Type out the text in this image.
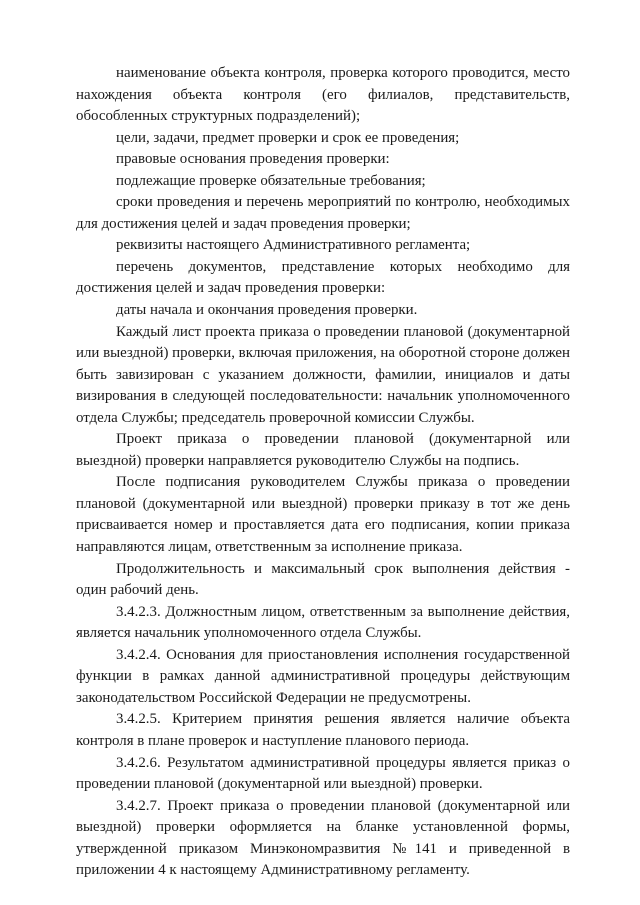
наименование объекта контроля, проверка которого проводится, место нахождения объекта контроля (его филиалов, представительств, обособленных структурных подразделений);

цели, задачи, предмет проверки и срок ее проведения;

правовые основания проведения проверки:

подлежащие проверке обязательные требования;

сроки проведения и перечень мероприятий по контролю, необходимых для достижения целей и задач проведения проверки;

реквизиты настоящего Административного регламента;

перечень документов, представление которых необходимо для достижения целей и задач проведения проверки:

даты начала и окончания проведения проверки.

Каждый лист проекта приказа о проведении плановой (документарной или выездной) проверки, включая приложения, на оборотной стороне должен быть завизирован с указанием должности, фамилии, инициалов и даты визирования в следующей последовательности: начальник уполномоченного отдела Службы; председатель проверочной комиссии Службы.

Проект приказа о проведении плановой (документарной или выездной) проверки направляется руководителю Службы на подпись.

После подписания руководителем Службы приказа о проведении плановой (документарной или выездной) проверки приказу в тот же день присваивается номер и проставляется дата его подписания, копии приказа направляются лицам, ответственным за исполнение приказа.

Продолжительность и максимальный срок выполнения действия - один рабочий день.

3.4.2.3. Должностным лицом, ответственным за выполнение действия, является начальник уполномоченного отдела Службы.

3.4.2.4. Основания для приостановления исполнения государственной функции в рамках данной административной процедуры действующим законодательством Российской Федерации не предусмотрены.

3.4.2.5. Критерием принятия решения является наличие объекта контроля в плане проверок и наступление планового периода.

3.4.2.6. Результатом административной процедуры является приказ о проведении плановой (документарной или выездной) проверки.

3.4.2.7. Проект приказа о проведении плановой (документарной или выездной) проверки оформляется на бланке установленной формы, утвержденной приказом Минэкономразвития №141 и приведенной в приложении 4 к настоящему Административному регламенту.
